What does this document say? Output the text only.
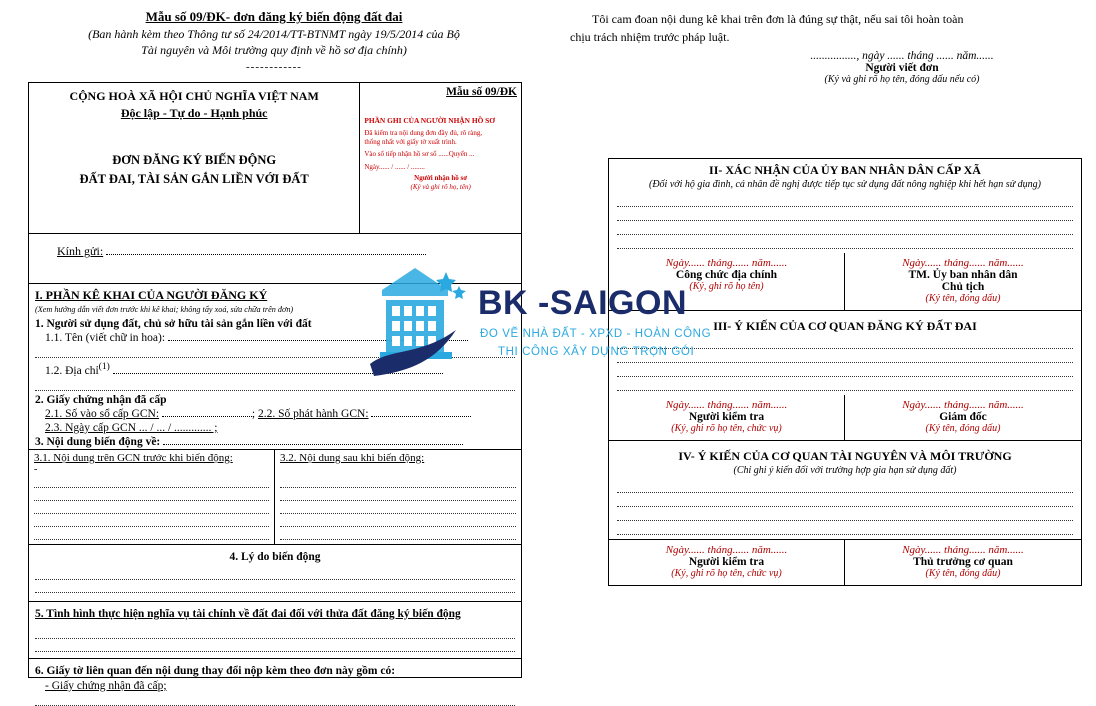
Mẫu số 09/ĐK- đơn đăng ký biến động đất đai
(Ban hành kèm theo Thông tư số 24/2014/TT-BTNMT ngày 19/5/2014 của Bộ
Tài nguyên và Môi trường quy định về hồ sơ địa chính)
------------
CỘNG HOÀ XÃ HỘI CHỦ NGHĨA VIỆT NAM
Độc lập - Tự do - Hạnh phúc
ĐƠN ĐĂNG KÝ BIẾN ĐỘNG
ĐẤT ĐAI, TÀI SẢN GẮN LIỀN VỚI ĐẤT
Mẫu số 09/ĐK
PHẦN GHI CỦA NGƯỜI NHẬN HỒ SƠ
Đã kiểm tra nội dung đơn đầy đủ, rõ ràng,
thống nhất với giấy tờ xuất trình.
Vào sổ tiếp nhận hồ sơ số ......Quyển ...
Ngày...... / ...... / ........
Người nhận hồ sơ
(Ký và ghi rõ họ, tên)
Kính gửi:
I. PHẦN KÊ KHAI CỦA NGƯỜI ĐĂNG KÝ
(Xem hướng dẫn viết đơn trước khi kê khai; không tẩy xoá, sửa chữa trên đơn)
1. Người sử dụng đất, chủ sở hữu tài sản gắn liền với đất
1.1. Tên (viết chữ in hoa):
1.2. Địa chỉ$^{(1)}$
2. Giấy chứng nhận đã cấp
2.1. Số vào sổ cấp GCN:	; 2.2. Số phát hành GCN:
2.3. Ngày cấp GCN ... / ... / ............. ;
3. Nội dung biến động về:
3.1. Nội dung trên GCN trước khi biến động:
-
3.2. Nội dung sau khi biến động:

4. Lý do biến động
5. Tình hình thực hiện nghĩa vụ tài chính về đất đai đối với thửa đất đăng ký biến động
6. Giấy tờ liên quan đến nội dung thay đổi nộp kèm theo đơn này gồm có:
- Giấy chứng nhận đã cấp;
Tôi cam đoan nội dung kê khai trên đơn là đúng sự thật, nếu sai tôi hoàn toàn
chịu trách nhiệm trước pháp luật.
................, ngày ...... tháng ...... năm......
Người viết đơn
(Ký và ghi rõ họ tên, đóng dấu nếu có)
II- XÁC NHẬN CỦA ỦY BAN NHÂN DÂN CẤP XÃ
(Đối với hộ gia đình, cá nhân đề nghị được tiếp tục sử dụng đất nông nghiệp khi hết hạn sử dụng)
Ngày...... tháng...... năm......
Công chức địa chính
(Ký, ghi rõ họ tên)
Ngày...... tháng...... năm......
TM. Ủy ban nhân dân
Chủ tịch
(Ký tên, đóng dấu)
III- Ý KIẾN CỦA CƠ QUAN ĐĂNG KÝ ĐẤT ĐAI
Ngày...... tháng...... năm......
Người kiểm tra
(Ký, ghi rõ họ tên, chức vụ)
Ngày...... tháng...... năm......
Giám đốc
(Ký tên, đóng dấu)
IV- Ý KIẾN CỦA CƠ QUAN TÀI NGUYÊN VÀ MÔI TRƯỜNG
(Chỉ ghi ý kiến đối với trường hợp gia hạn sử dụng đất)
Ngày...... tháng...... năm......
Người kiểm tra
(Ký, ghi rõ họ tên, chức vụ)
Ngày...... tháng...... năm......
Thủ trưởng cơ quan
(Ký tên, đóng dấu)
BK -SAIGON
ĐO VẼ NHÀ ĐẤT - XPXD - HOÀN CÔNG
THI CÔNG XÂY DỰNG TRỌN GÓI
